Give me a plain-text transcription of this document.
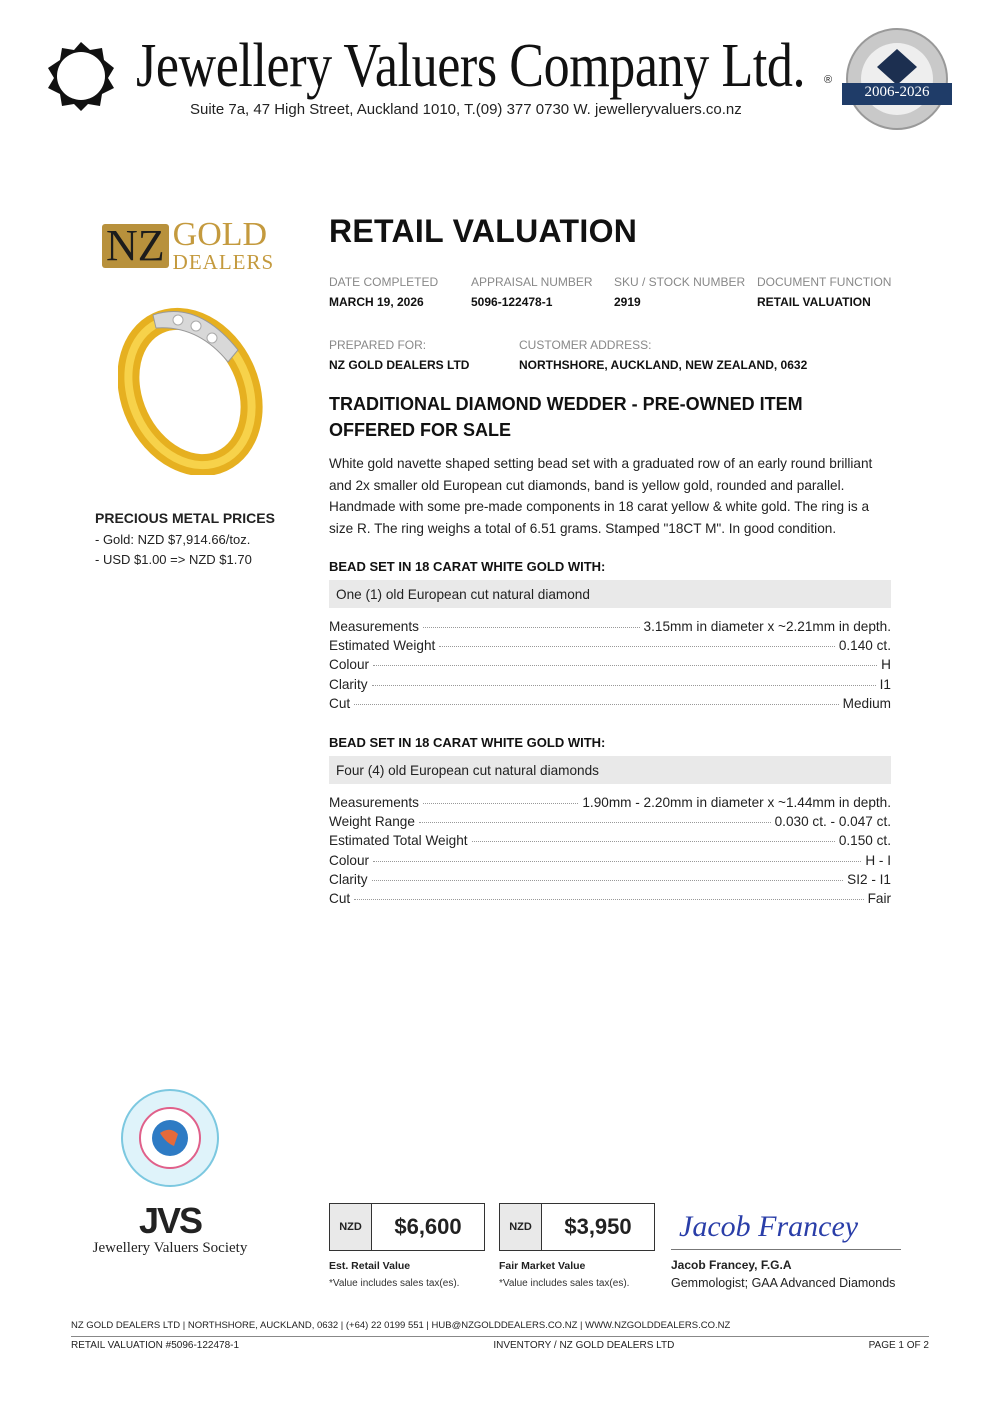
Jewellery Valuers Company Ltd. ®
Suite 7a, 47 High Street, Auckland 1010, T.(09) 377 0730 W. jewelleryvaluers.co.nz
2006-2026
NZ GOLD
DEALERS
PRECIOUS METAL PRICES
- Gold: NZD $7,914.66/toz.
- USD $1.00 => NZD $1.70
RETAIL VALUATION
DATE COMPLETED
MARCH 19, 2026
APPRAISAL NUMBER
5096-122478-1
SKU / STOCK NUMBER
2919
DOCUMENT FUNCTION
RETAIL VALUATION
PREPARED FOR:
NZ GOLD DEALERS LTD
CUSTOMER ADDRESS:
NORTHSHORE, AUCKLAND, NEW ZEALAND, 0632
TRADITIONAL DIAMOND WEDDER - PRE-OWNED ITEM OFFERED FOR SALE
White gold navette shaped setting bead set with a graduated row of an early round brilliant and 2x smaller old European cut diamonds, band is yellow gold, rounded and parallel. Handmade with some pre-made components in 18 carat yellow & white gold. The ring is a size R. The ring weighs a total of 6.51 grams. Stamped "18CT M". In good condition.
BEAD SET IN 18 CARAT WHITE GOLD WITH:
One (1) old European cut natural diamond
Measurements	3.15mm in diameter x ~2.21mm in depth.
Estimated Weight	0.140 ct.
Colour	H
Clarity	I1
Cut	Medium
BEAD SET IN 18 CARAT WHITE GOLD WITH:
Four (4) old European cut natural diamonds
Measurements	1.90mm - 2.20mm in diameter x ~1.44mm in depth.
Weight Range	0.030 ct. - 0.047 ct.
Estimated Total Weight	0.150 ct.
Colour	H - I
Clarity	SI2 - I1
Cut	Fair
JVS
Jewellery Valuers Society
NZD	$6,600
Est. Retail Value
*Value includes sales tax(es).
NZD	$3,950
Fair Market Value
*Value includes sales tax(es).
Jacob Francey
Jacob Francey, F.G.A
Gemmologist; GAA Advanced Diamonds
NZ GOLD DEALERS LTD | NORTHSHORE, AUCKLAND, 0632 | (+64) 22 0199 551 | HUB@NZGOLDDEALERS.CO.NZ | WWW.NZGOLDDEALERS.CO.NZ
RETAIL VALUATION #5096-122478-1	INVENTORY / NZ GOLD DEALERS LTD	PAGE 1 OF 2
